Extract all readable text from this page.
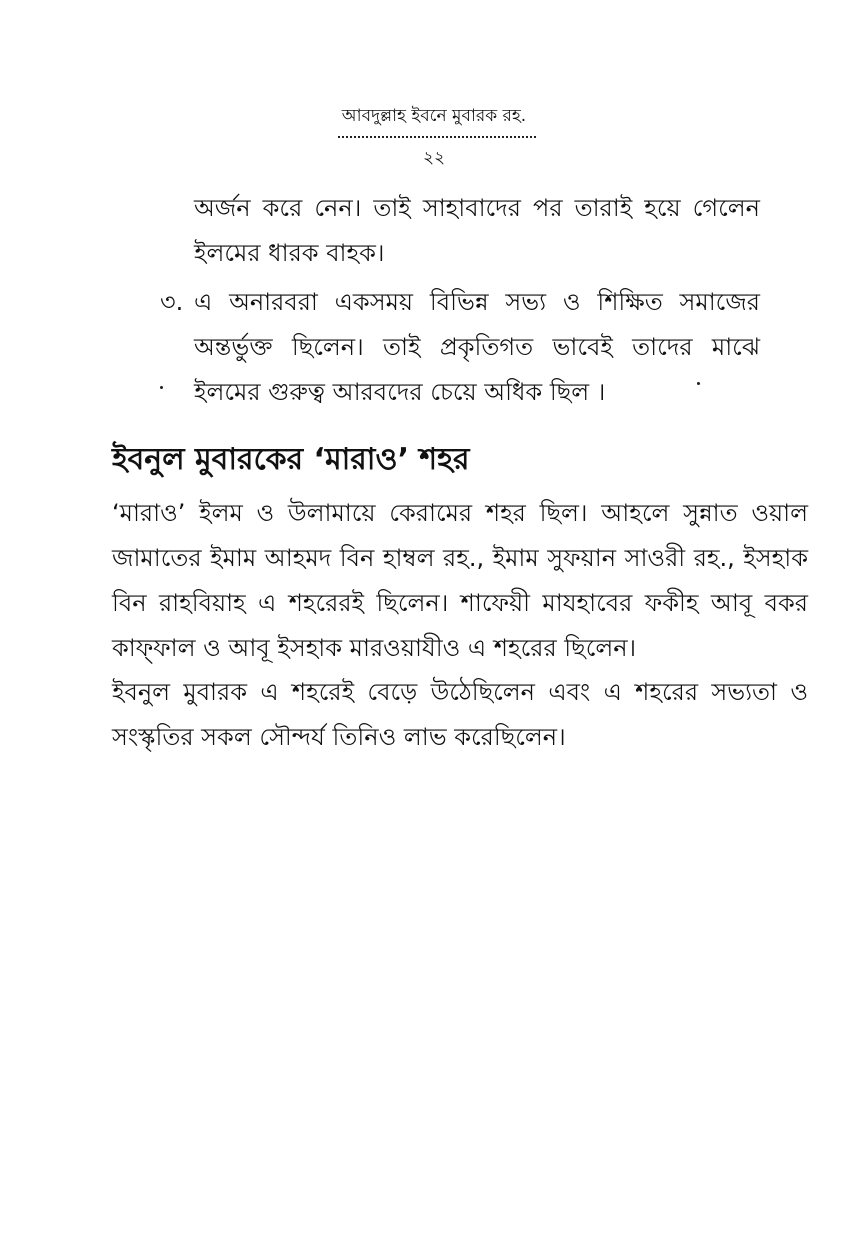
আবদুল্লাহ ইবনে মুবারক রহ.
২২
অর্জন করে নেন। তাই সাহাবাদের পর তারাই হয়ে গেলেন ইলমের ধারক বাহক।
৩. এ অনারবরা একসময় বিভিন্ন সভ্য ও শিক্ষিত সমাজের অন্তর্ভুক্ত ছিলেন। তাই প্রকৃতিগত ভাবেই তাদের মাঝে ইলমের গুরুত্ব আরবদের চেয়ে অধিক ছিল ।
ইবনুল মুবারকের ‘মারাও’ শহর
‘মারাও’ ইলম ও উলামায়ে কেরামের শহর ছিল। আহলে সুন্নাত ওয়াল জামাতের ইমাম আহমদ বিন হাম্বল রহ., ইমাম সুফয়ান সাওরী রহ., ইসহাক বিন রাহবিয়াহ এ শহরেরই ছিলেন। শাফেয়ী মাযহাবের ফকীহ আবূ বকর কাফ্ফাল ও আবূ ইসহাক মারওয়াযীও এ শহরের ছিলেন।
ইবনুল মুবারক এ শহরেই বেড়ে উঠেছিলেন এবং এ শহরের সভ্যতা ও সংস্কৃতির সকল সৌন্দর্য তিনিও লাভ করেছিলেন।
